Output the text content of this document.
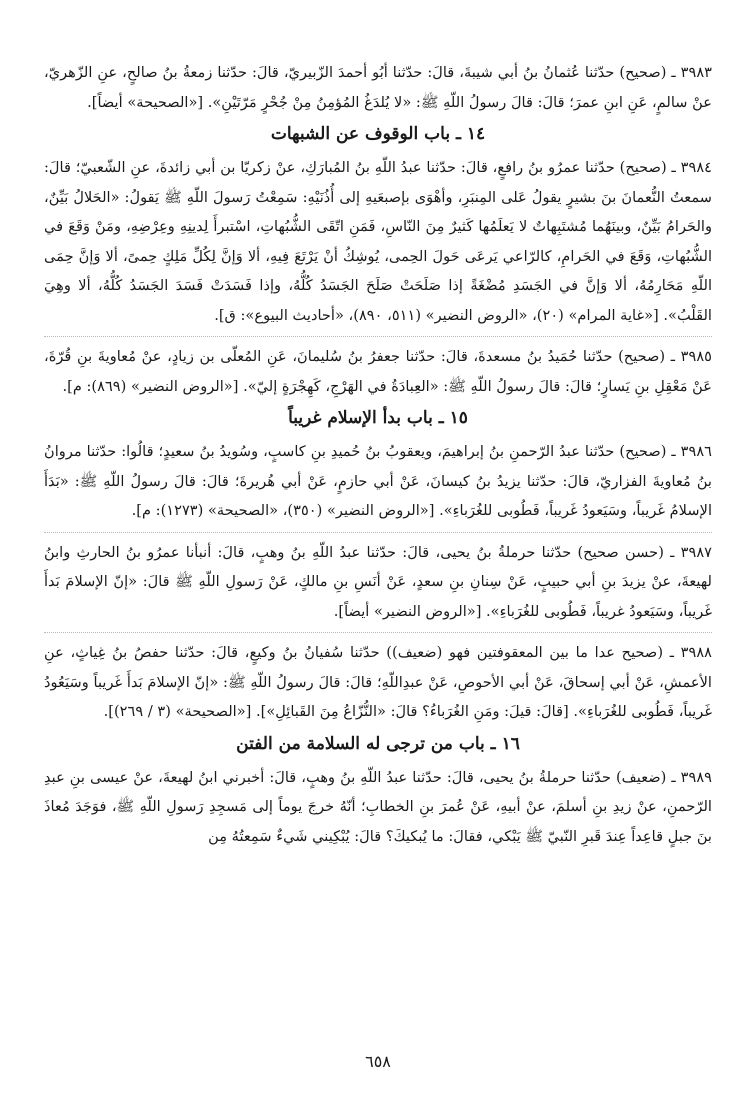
٣٩٨٣ ـ (صحيح) حدّثنا عُثمانُ بنُ أبي شيبةَ، قالَ: حدّثنا أبُو أحمدَ الزّبيريّ، قالَ: حدّثنا زمعةُ بنُ صالحٍ، عنِ الزّهريّ، عنْ سالمٍ، عَنِ ابنِ عمرَ؛ قالَ: قالَ رسولُ اللّهِ ﷺ: «لا يُلدَغُ المُؤمِنُ مِنْ جُحْرٍ مَرّتَيْنِ». [«الصحيحة» أيضاً].

١٤ ـ باب الوقوف عن الشبهات

٣٩٨٤ ـ (صحيح) حدّثنا عمرُو بنُ رافعٍ، قالَ: حدّثنا عبدُ اللّهِ بنُ المُبارَكِ، عنْ زكريّا بن أبي زائدةَ، عنِ الشّعبيّ؛ قالَ: سمعتُ النُّعمانَ بنَ بشيرٍ يقولُ عَلى المِنبَرِ، وأهْوَى بإصبعَيهِ إلى أُذُنَيْهِ: سَمِعْتُ رَسولَ اللّهِ ﷺ يَقولُ: «الحَلالُ بَيِّنٌ، والحَرامُ بَيِّنٌ، وبينَهُما مُشتَبِهاتٌ لا يَعلَمُها كَثيرٌ مِنَ النّاسِ، فَمَنِ اتّقَى الشُّبُهاتِ، اسْتبرأَ لِدينِهِ وعِرْضِهِ، ومَنْ وَقَعَ في الشُّبُهاتِ، وَقَعَ في الحَرامِ، كالرّاعي يَرعَى حَولَ الحِمى، يُوشِكُ أنْ يَرْتَعَ فِيهِ، ألا وَإنَّ لِكُلِّ مَلِكٍ حِمىً، ألا وَإنَّ حِمَى اللّهِ مَحَارِمُهُ، ألا وَإنَّ في الجَسَدِ مُضْغَةً إذا صَلَحَتْ صَلَحَ الجَسَدُ كُلُّهُ، وإذا فَسَدَتْ فَسَدَ الجَسَدُ كُلُّهُ، ألا وهِيَ القَلْبُ». [«غاية المرام» (٢٠)، «الروض النضير» (٥١١، ٨٩٠)، «أحاديث البيوع»: ق].

٣٩٨٥ ـ (صحيح) حدّثنا حُمَيدُ بنُ مسعدةَ، قالَ: حدّثنا جعفرُ بنُ سُليمانَ، عَنِ المُعلّى بن زيادٍ، عنْ مُعاويةَ بنِ قُرّةَ، عَنْ مَعْقِلِ بنِ يَسارٍ؛ قالَ: قالَ رسولُ اللّهِ ﷺ: «العِبادَةُ في الهَرْجِ، كَهِجْرَةٍ إليّ». [«الروض النضير» (٨٦٩): م].

١٥ ـ باب بدأ الإسلام غريباً

٣٩٨٦ ـ (صحيح) حدّثنا عبدُ الرّحمنِ بنُ إبراهيمَ، ويعقوبُ بنُ حُميدِ بنِ كاسبٍ، وسُويدُ بنُ سعيدٍ؛ قالُوا: حدّثنا مروانُ بنُ مُعاويةَ الفزاريّ، قالَ: حدّثنا يزيدُ بنُ كيسانَ، عَنْ أبي حازمٍ، عَنْ أبي هُريرةَ؛ قالَ: قالَ رسولُ اللّهِ ﷺ: «بَدَأَ الإسلامُ غَريباً، وسَيَعودُ غَريباً، فَطُوبى للغُرَباءِ». [«الروض النضير» (٣٥٠)، «الصحيحة» (١٢٧٣): م].

٣٩٨٧ ـ (حسن صحيح) حدّثنا حرملةُ بنُ يحيى، قالَ: حدّثنا عبدُ اللّهِ بنُ وهبٍ، قالَ: أنبأنا عمرُو بنُ الحارثِ وابنُ لهيعةَ، عنْ يزيدَ بنِ أبي حبيبٍ، عَنْ سِنانِ بنِ سعدٍ، عَنْ أنَسِ بنِ مالكٍ، عَنْ رَسولِ اللّهِ ﷺ قالَ: «إنّ الإسلامَ بَدأَ غَريباً، وسَيَعودُ غريباً، فَطُوبى للغُرَباءِ». [«الروض النضير» أيضاً].

٣٩٨٨ ـ (صحيح عدا ما بين المعقوفتين فهو (ضعيف)) حدّثنا سُفيانُ بنُ وكيعٍ، قالَ: حدّثنا حفصُ بنُ غِياثٍ، عنِ الأعمشِ، عَنْ أبي إسحاقَ، عَنْ أبي الأحوصِ، عَنْ عبدِاللّهِ؛ قالَ: قالَ رسولُ اللّهِ ﷺ: «إنّ الإسلامَ بَدأَ غَريباً وسَيَعُودُ غَريباً، فَطُوبى للغُرَباءِ». [قالَ: قيلَ: ومَنِ الغُرَباءُ؟ قالَ: «النُّزّاعُ مِنَ القَبائِلِ»]. [«الصحيحة» (٣ / ٢٦٩)].

١٦ ـ باب من ترجى له السلامة من الفتن

٣٩٨٩ ـ (ضعيف) حدّثنا حرملةُ بنُ يحيى، قالَ: حدّثنا عبدُ اللّهِ بنُ وهبٍ، قالَ: أخبرني ابنُ لهيعةَ، عنْ عيسى بنِ عبدِ الرّحمنِ، عنْ زيدِ بنِ أسلمَ، عنْ أبيهِ، عَنْ عُمرَ بنِ الخطابِ؛ أنّهُ خرجَ يوماً إلى مَسجِدِ رَسولِ اللّهِ ﷺ، فوَجَدَ مُعاذَ بنَ جبلٍ قاعِداً عِندَ قَبرِ النّبيّ ﷺ يَبْكي، فقالَ: ما يُبكيكَ؟ قالَ: يُبْكِيني شَيءٌ سَمِعتُهُ مِن

٦٥٨
